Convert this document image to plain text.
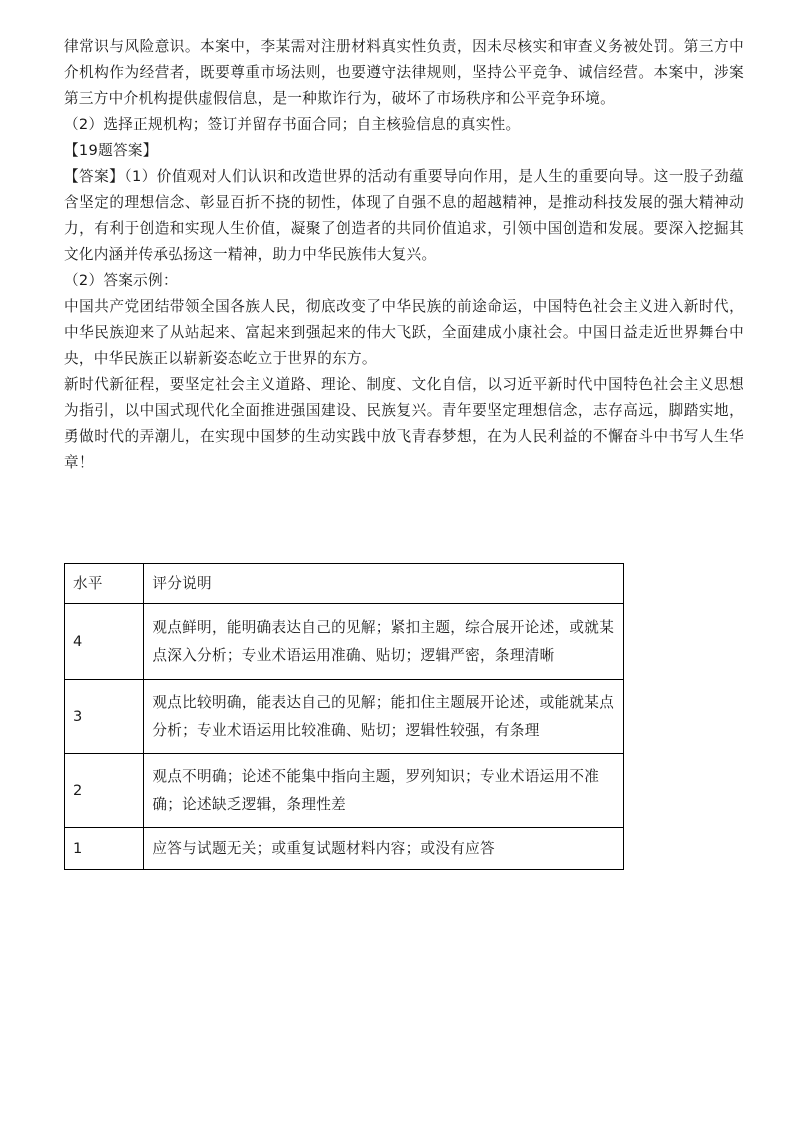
律常识与风险意识。本案中，李某需对注册材料真实性负责，因未尽核实和审查义务被处罚。第三方中介机构作为经营者，既要尊重市场法则，也要遵守法律规则，坚持公平竞争、诚信经营。本案中，涉案第三方中介机构提供虚假信息，是一种欺诈行为，破坏了市场秩序和公平竞争环境。

（2）选择正规机构；签订并留存书面合同；自主核验信息的真实性。

【19题答案】

【答案】（1）价值观对人们认识和改造世界的活动有重要导向作用，是人生的重要向导。这一股子劲蕴含坚定的理想信念、彰显百折不挠的韧性，体现了自强不息的超越精神，是推动科技发展的强大精神动力，有利于创造和实现人生价值，凝聚了创造者的共同价值追求，引领中国创造和发展。要深入挖掘其文化内涵并传承弘扬这一精神，助力中华民族伟大复兴。

（2）答案示例：

中国共产党团结带领全国各族人民，彻底改变了中华民族的前途命运，中国特色社会主义进入新时代，中华民族迎来了从站起来、富起来到强起来的伟大飞跃，全面建成小康社会。中国日益走近世界舞台中央，中华民族正以崭新姿态屹立于世界的东方。

新时代新征程，要坚定社会主义道路、理论、制度、文化自信，以习近平新时代中国特色社会主义思想为指引，以中国式现代化全面推进强国建设、民族复兴。青年要坚定理想信念，志存高远，脚踏实地，勇做时代的弄潮儿，在实现中国梦的生动实践中放飞青春梦想，在为人民利益的不懈奋斗中书写人生华章！

水平	评分说明
4	观点鲜明，能明确表达自己的见解；紧扣主题，综合展开论述，或就某点深入分析；专业术语运用准确、贴切；逻辑严密，条理清晰
3	观点比较明确，能表达自己的见解；能扣住主题展开论述，或能就某点分析；专业术语运用比较准确、贴切；逻辑性较强，有条理
2	观点不明确；论述不能集中指向主题，罗列知识；专业术语运用不准确；论述缺乏逻辑，条理性差
1	应答与试题无关；或重复试题材料内容；或没有应答
